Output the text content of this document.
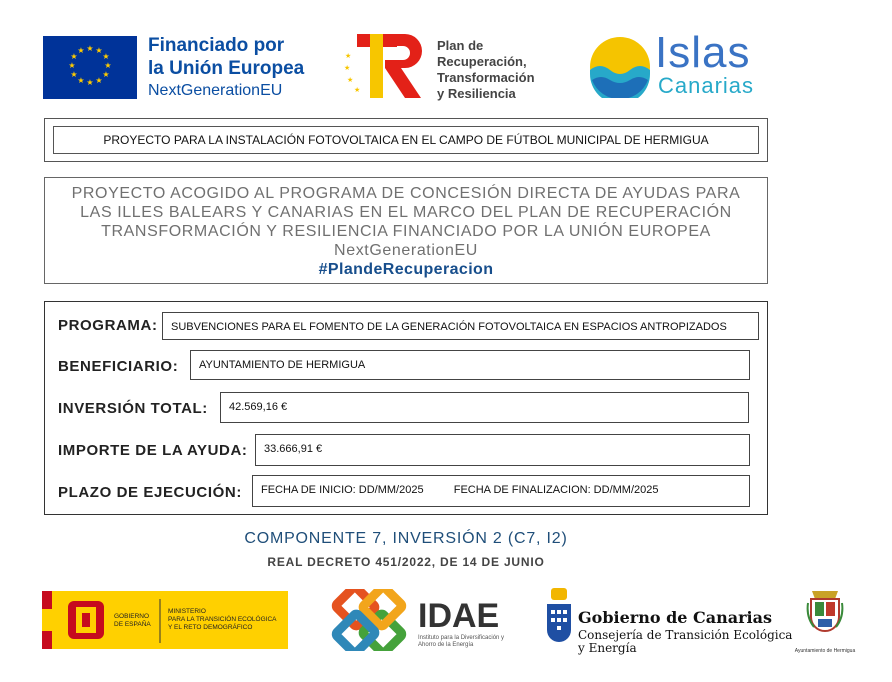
★ ★
★
★
★
★
★
★
★
★
★
★	Financiado por
la Unión Europea
NextGenerationEU
★
★
★
★
Plan de
Recuperación,
Transformación
y Resiliencia
Islas
Canarias
PROYECTO PARA LA INSTALACIÓN FOTOVOLTAICA EN EL CAMPO DE FÚTBOL MUNICIPAL DE HERMIGUA
PROYECTO ACOGIDO AL PROGRAMA DE CONCESIÓN DIRECTA DE AYUDAS PARA
LAS ILLES BALEARS Y CANARIAS EN EL MARCO DEL PLAN DE RECUPERACIÓN
TRANSFORMACIÓN Y RESILIENCIA FINANCIADO POR LA UNIÓN EUROPEA
NextGenerationEU
#PlandeRecuperacion
PROGRAMA:	SUBVENCIONES PARA EL FOMENTO DE LA GENERACIÓN FOTOVOLTAICA EN ESPACIOS ANTROPIZADOS
BENEFICIARIO:	AYUNTAMIENTO DE HERMIGUA
INVERSIÓN TOTAL:	42.569,16 €
IMPORTE DE LA AYUDA:	33.666,91 €
PLAZO DE EJECUCIÓN:	FECHA DE INICIO: DD/MM/2025	FECHA DE FINALIZACION: DD/MM/2025
COMPONENTE 7, INVERSIÓN 2 (C7, I2)
REAL DECRETO 451/2022, DE 14 DE JUNIO
GOBIERNO
DE ESPAÑA
MINISTERIO
PARA LA TRANSICIÓN ECOLÓGICA
Y EL RETO DEMOGRÁFICO	IDAE
Instituto para la Diversificación y Ahorro de la Energía
Gobierno de Canarias
Consejería de Transición Ecológica
y Energía	Ayuntamiento de Hermigua
